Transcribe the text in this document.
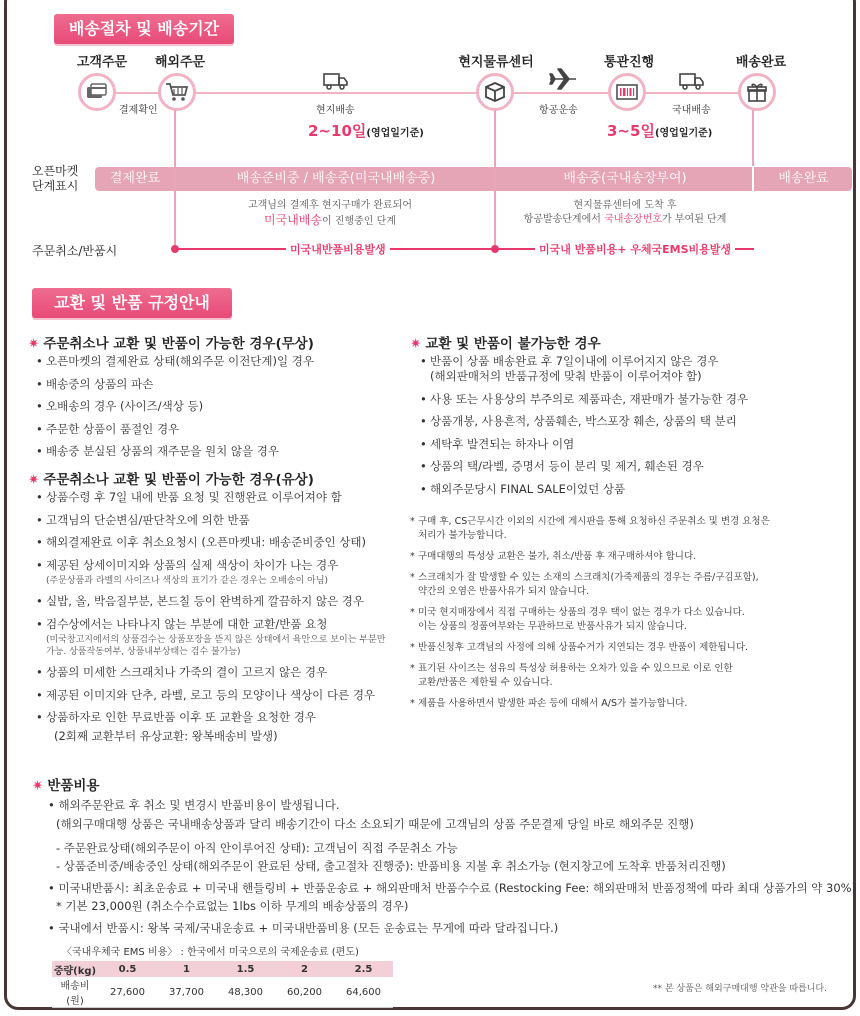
배송절차 및 배송기간
고객주문	해외주문	현지물류센터	통관진행	배송완료
결제확인	현지배송	항공운송	국내배송
2~10일(영업일기준)	3~5일(영업일기준)
오픈마켓
단계표시	결제완료	배송준비중 / 배송중(미국내배송중)	배송중(국내송장부여)	배송완료
고객님의 결제후 현지구매가 완료되어
미국내배송이 진행중인 단계
현지물류센터에 도착 후
항공발송단계에서 국내송장번호가 부여된 단계
주문취소/반품시	미국내반품비용발생	미국내 반품비용+ 우체국EMS비용발생
교환 및 반품 규정안내
✷ 주문취소나 교환 및 반품이 가능한 경우(무상)
• 오픈마켓의 결제완료 상태(해외주문 이전단계)일 경우
• 배송중의 상품의 파손
• 오배송의 경우 (사이즈/색상 등)
• 주문한 상품이 품절인 경우
• 배송중 분실된 상품의 재주문을 원치 않을 경우
✷ 주문취소나 교환 및 반품이 가능한 경우(유상)
• 상품수령 후 7일 내에 반품 요청 및 진행완료 이루어져야 함
• 고객님의 단순변심/판단착오에 의한 반품
• 해외결제완료 이후 취소요청시 (오픈마켓내: 배송준비중인 상태)
• 제공된 상세이미지와 상품의 실제 색상이 차이가 나는 경우
(주문상품과 라벨의 사이즈나 색상의 표기가 같은 경우는 오배송이 아님)
• 실밥, 올, 박음질부분, 본드칠 등이 완벽하게 깔끔하지 않은 경우
• 검수상에서는 나타나지 않는 부분에 대한 교환/반품 요청
(미국창고지에서의 상품검수는 상품포장을 뜯지 않은 상태에서 육안으로 보이는 부분만
가능. 상품작동여부, 상품내부상태는 검수 불가능)
• 상품의 미세한 스크래치나 가죽의 결이 고르지 않은 경우
• 제공된 이미지와 단추, 라벨, 로고 등의 모양이나 색상이 다른 경우
• 상품하자로 인한 무료반품 이후 또 교환을 요청한 경우
(2회째 교환부터 유상교환: 왕복배송비 발생)
✷ 교환 및 반품이 불가능한 경우
• 반품이 상품 배송완료 후 7일이내에 이루어지지 않은 경우
(해외판매처의 반품규정에 맞춰 반품이 이루어져야 함)
• 사용 또는 사용상의 부주의로 제품파손, 재판매가 불가능한 경우
• 상품개봉, 사용흔적, 상품훼손, 박스포장 훼손, 상품의 택 분리
• 세탁후 발견되는 하자나 이염
• 상품의 택/라벨, 증명서 등이 분리 및 제거, 훼손된 경우
• 해외주문당시 FINAL SALE이었던 상품
* 구매 후, CS근무시간 이외의 시간에 게시판을 통해 요청하신 주문취소 및 변경 요청은
처리가 불가능합니다.
* 구매대행의 특성상 교환은 불가, 취소/반품 후 재구매하셔야 합니다.
* 스크래치가 잘 발생할 수 있는 소재의 스크래치(가죽제품의 경우는 주름/구김포함),
약간의 오염은 반품사유가 되지 않습니다.
* 미국 현지매장에서 직접 구매하는 상품의 경우 택이 없는 경우가 다소 있습니다.
이는 상품의 정품여부와는 무관하므로 반품사유가 되지 않습니다.
* 반품신청후 고객님의 사정에 의해 상품수거가 지연되는 경우 반품이 제한됩니다.
* 표기된 사이즈는 섬유의 특성상 허용하는 오차가 있을 수 있으므로 이로 인한
교환/반품은 제한될 수 있습니다.
* 제품을 사용하면서 발생한 파손 등에 대해서 A/S가 불가능합니다.
✷ 반품비용
• 해외주문완료 후 취소 및 변경시 반품비용이 발생됩니다.
(해외구매대행 상품은 국내배송상품과 달리 배송기간이 다소 소요되기 때문에 고객님의 상품 주문결제 당일 바로 해외주문 진행)
- 주문완료상태(해외주문이 아직 안이루어진 상태): 고객님이 직접 주문취소 가능
- 상품준비중/배송중인 상태(해외주문이 완료된 상태, 출고절차 진행중): 반품비용 지불 후 취소가능 (현지창고에 도착후 반품처리진행)
• 미국내반품시: 최초운송료 + 미국내 핸들링비 + 반품운송료 + 해외판매처 반품수수료 (Restocking Fee: 해외판매처 반품정책에 따라 최대 상품가의 약 30%)
* 기본 23,000원 (취소수수료없는 1lbs 이하 무게의 배송상품의 경우)
• 국내에서 반품시: 왕복 국제/국내운송료 + 미국내반품비용 (모든 운송료는 무게에 따라 달라집니다.)
〈국내우체국 EMS 비용〉 : 한국에서 미국으로의 국제운송료 (편도)
중량(kg)	0.5	1	1.5	2	2.5
배송비(원)	27,600	37,700	48,300	60,200	64,600	** 본 상품은 해외구매대행 약관을 따릅니다.
